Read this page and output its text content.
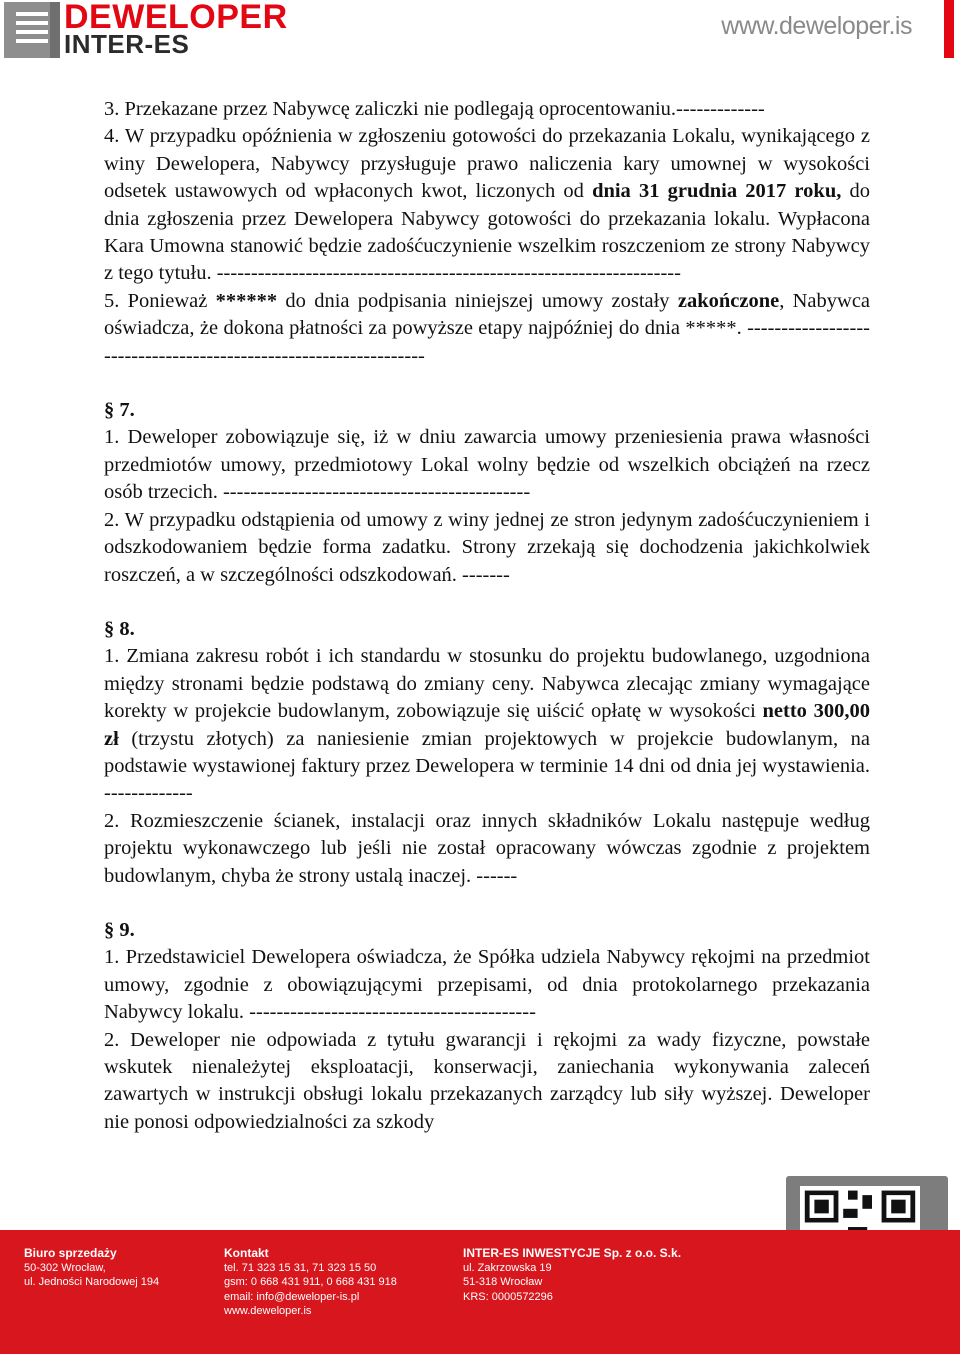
DEWELOPER
INTER-ES
www.deweloper.is

3. Przekazane przez Nabywcę zaliczki nie podlegają oprocentowaniu.-------------

4. W przypadku opóźnienia w zgłoszeniu gotowości do przekazania Lokalu, wynikającego z winy Dewelopera, Nabywcy przysługuje prawo naliczenia kary umownej w wysokości odsetek ustawowych od wpłaconych kwot, liczonych od dnia 31 grudnia 2017 roku, do dnia zgłoszenia przez Dewelopera Nabywcy gotowości do przekazania lokalu. Wypłacona Kara Umowna stanowić będzie zadośćuczynienie wszelkim roszczeniom ze strony Nabywcy z tego tytułu. --------------------------------------------------------------------

5. Ponieważ ****** do dnia podpisania niniejszej umowy zostały zakończone, Nabywca oświadcza, że dokona płatności za powyższe etapy najpóźniej do dnia *****. -----------------------------------------------------------------

§ 7.

1. Deweloper zobowiązuje się, iż w dniu zawarcia umowy przeniesienia prawa własności przedmiotów umowy, przedmiotowy Lokal wolny będzie od wszelkich obciążeń na rzecz osób trzecich. ---------------------------------------------

2. W przypadku odstąpienia od umowy z winy jednej ze stron jedynym zadośćuczynieniem i odszkodowaniem będzie forma zadatku. Strony zrzekają się dochodzenia jakichkolwiek roszczeń, a w szczególności odszkodowań. -------

§ 8.

1. Zmiana zakresu robót i ich standardu w stosunku do projektu budowlanego, uzgodniona między stronami będzie podstawą do zmiany ceny. Nabywca zlecając zmiany wymagające korekty w projekcie budowlanym, zobowiązuje się uiścić opłatę w wysokości netto 300,00 zł (trzystu złotych) za naniesienie zmian projektowych w projekcie budowlanym, na podstawie wystawionej faktury przez Dewelopera w terminie 14 dni od dnia jej wystawienia. -------------

2. Rozmieszczenie ścianek, instalacji oraz innych składników Lokalu następuje według projektu wykonawczego lub jeśli nie został opracowany wówczas zgodnie z projektem budowlanym, chyba że strony ustalą inaczej. ------

§ 9.

1. Przedstawiciel Dewelopera oświadcza, że Spółka udziela Nabywcy rękojmi na przedmiot umowy, zgodnie z obowiązującymi przepisami, od dnia protokolarnego przekazania Nabywcy lokalu. ------------------------------------------

2. Deweloper nie odpowiada z tytułu gwarancji i rękojmi za wady fizyczne, powstałe wskutek nienależytej eksploatacji, konserwacji, zaniechania wykonywania zaleceń zawartych w instrukcji obsługi lokalu przekazanych zarządcy lub siły wyższej. Deweloper nie ponosi odpowiedzialności za szkody

Biuro sprzedaży
50-302 Wrocław,
ul. Jedności Narodowej 194
Kontakt
tel. 71 323 15 31, 71 323 15 50
gsm: 0 668 431 911, 0 668 431 918
email: info@deweloper-is.pl
www.deweloper.is
INTER-ES INWESTYCJE Sp. z o.o. S.k.
ul. Zakrzowska 19
51-318 Wrocław
KRS: 0000572296
